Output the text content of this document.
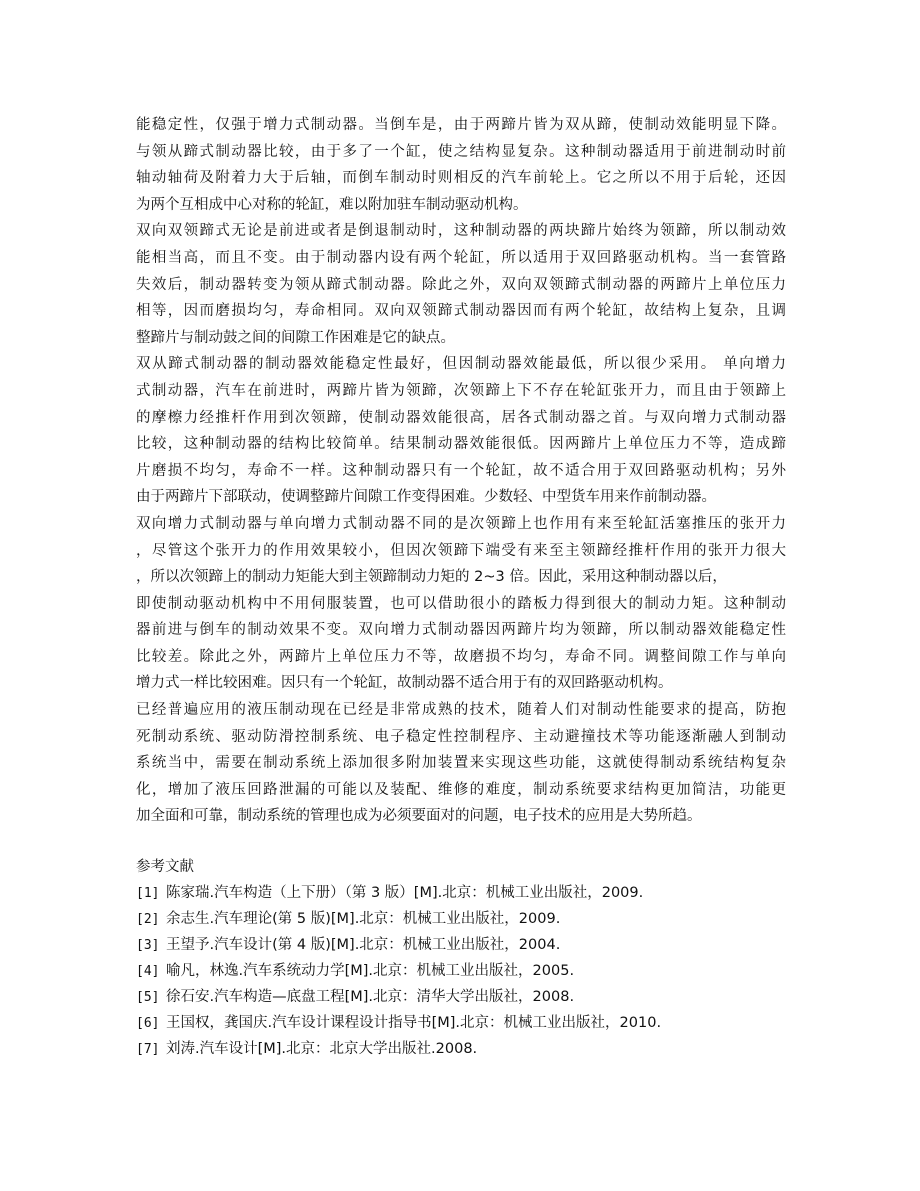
能稳定性，仅强于增力式制动器。当倒车是，由于两蹄片皆为双从蹄，使制动效能明显下降。
与领从蹄式制动器比较，由于多了一个缸，使之结构显复杂。这种制动器适用于前进制动时前
轴动轴荷及附着力大于后轴，而倒车制动时则相反的汽车前轮上。它之所以不用于后轮，还因
为两个互相成中心对称的轮缸，难以附加驻车制动驱动机构。
双向双领蹄式无论是前进或者是倒退制动时，这种制动器的两块蹄片始终为领蹄，所以制动效
能相当高，而且不变。由于制动器内设有两个轮缸，所以适用于双回路驱动机构。当一套管路
失效后，制动器转变为领从蹄式制动器。除此之外，双向双领蹄式制动器的两蹄片上单位压力
相等，因而磨损均匀，寿命相同。双向双领蹄式制动器因而有两个轮缸，故结构上复杂，且调
整蹄片与制动鼓之间的间隙工作困难是它的缺点。
双从蹄式制动器的制动器效能稳定性最好，但因制动器效能最低，所以很少采用。 单向增力
式制动器，汽车在前进时，两蹄片皆为领蹄，次领蹄上下不存在轮缸张开力，而且由于领蹄上
的摩檫力经推杆作用到次领蹄，使制动器效能很高，居各式制动器之首。与双向增力式制动器
比较，这种制动器的结构比较简单。结果制动器效能很低。因两蹄片上单位压力不等，造成蹄
片磨损不均匀，寿命不一样。这种制动器只有一个轮缸，故不适合用于双回路驱动机构；另外
由于两蹄片下部联动，使调整蹄片间隙工作变得困难。少数轻、中型货车用来作前制动器。
双向增力式制动器与单向增力式制动器不同的是次领蹄上也作用有来至轮缸活塞推压的张开力
，尽管这个张开力的作用效果较小，但因次领蹄下端受有来至主领蹄经推杆作用的张开力很大
，所以次领蹄上的制动力矩能大到主领蹄制动力矩的 2~3 倍。因此，采用这种制动器以后，
即使制动驱动机构中不用伺服装置，也可以借助很小的踏板力得到很大的制动力矩。这种制动
器前进与倒车的制动效果不变。双向增力式制动器因两蹄片均为领蹄，所以制动器效能稳定性
比较差。除此之外，两蹄片上单位压力不等，故磨损不均匀，寿命不同。调整间隙工作与单向
增力式一样比较困难。因只有一个轮缸，故制动器不适合用于有的双回路驱动机构。
已经普遍应用的液压制动现在已经是非常成熟的技术，随着人们对制动性能要求的提高，防抱
死制动系统、驱动防滑控制系统、电子稳定性控制程序、主动避撞技术等功能逐渐融人到制动
系统当中，需要在制动系统上添加很多附加装置来实现这些功能，这就使得制动系统结构复杂
化，增加了液压回路泄漏的可能以及装配、维修的难度，制动系统要求结构更加简洁，功能更
加全面和可靠，制动系统的管理也成为必须要面对的问题，电子技术的应用是大势所趋。
参考文献
[1] 陈家瑞.汽车构造（上下册）（第 3 版）[M].北京：机械工业出版社，2009.
[2] 余志生.汽车理论(第 5 版)[M].北京：机械工业出版社，2009.
[3] 王望予.汽车设计(第 4 版)[M].北京：机械工业出版社，2004.
[4] 喻凡，林逸.汽车系统动力学[M].北京：机械工业出版社，2005.
[5] 徐石安.汽车构造—底盘工程[M].北京：清华大学出版社，2008.
[6] 王国权，龚国庆.汽车设计课程设计指导书[M].北京：机械工业出版社，2010.
[7] 刘涛.汽车设计[M].北京：北京大学出版社.2008.
